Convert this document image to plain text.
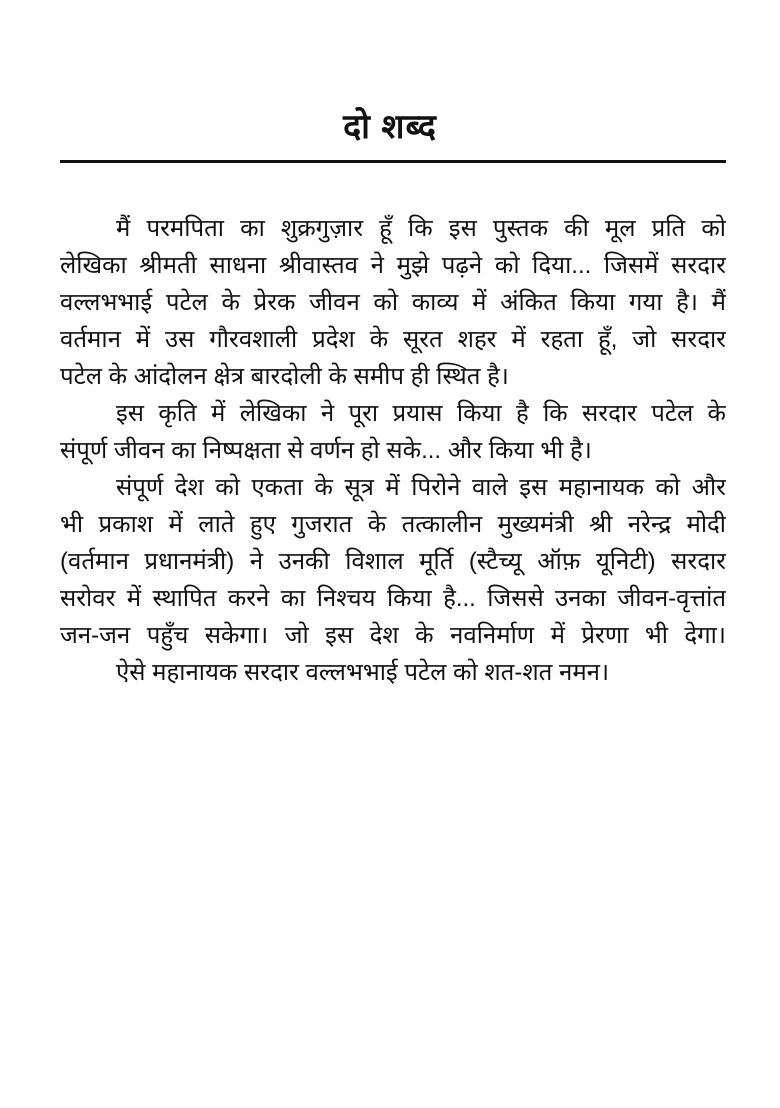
दो शब्द
मैं परमपिता का शुक्रगुज़ार हूँ कि इस पुस्तक की मूल प्रति को
लेखिका श्रीमती साधना श्रीवास्तव ने मुझे पढ़ने को दिया... जिसमें सरदार
वल्लभभाई पटेल के प्रेरक जीवन को काव्य में अंकित किया गया है। मैं
वर्तमान में उस गौरवशाली प्रदेश के सूरत शहर में रहता हूँ, जो सरदार
पटेल के आंदोलन क्षेत्र बारदोली के समीप ही स्थित है।
इस कृति में लेखिका ने पूरा प्रयास किया है कि सरदार पटेल के
संपूर्ण जीवन का निष्पक्षता से वर्णन हो सके... और किया भी है।
संपूर्ण देश को एकता के सूत्र में पिरोने वाले इस महानायक को और
भी प्रकाश में लाते हुए गुजरात के तत्कालीन मुख्यमंत्री श्री नरेन्द्र मोदी
(वर्तमान प्रधानमंत्री) ने उनकी विशाल मूर्ति (स्टैच्यू ऑफ़ यूनिटी) सरदार
सरोवर में स्थापित करने का निश्चय किया है... जिससे उनका जीवन-वृत्तांत
जन-जन पहुँच सकेगा। जो इस देश के नवनिर्माण में प्रेरणा भी देगा।
ऐसे महानायक सरदार वल्लभभाई पटेल को शत-शत नमन।
